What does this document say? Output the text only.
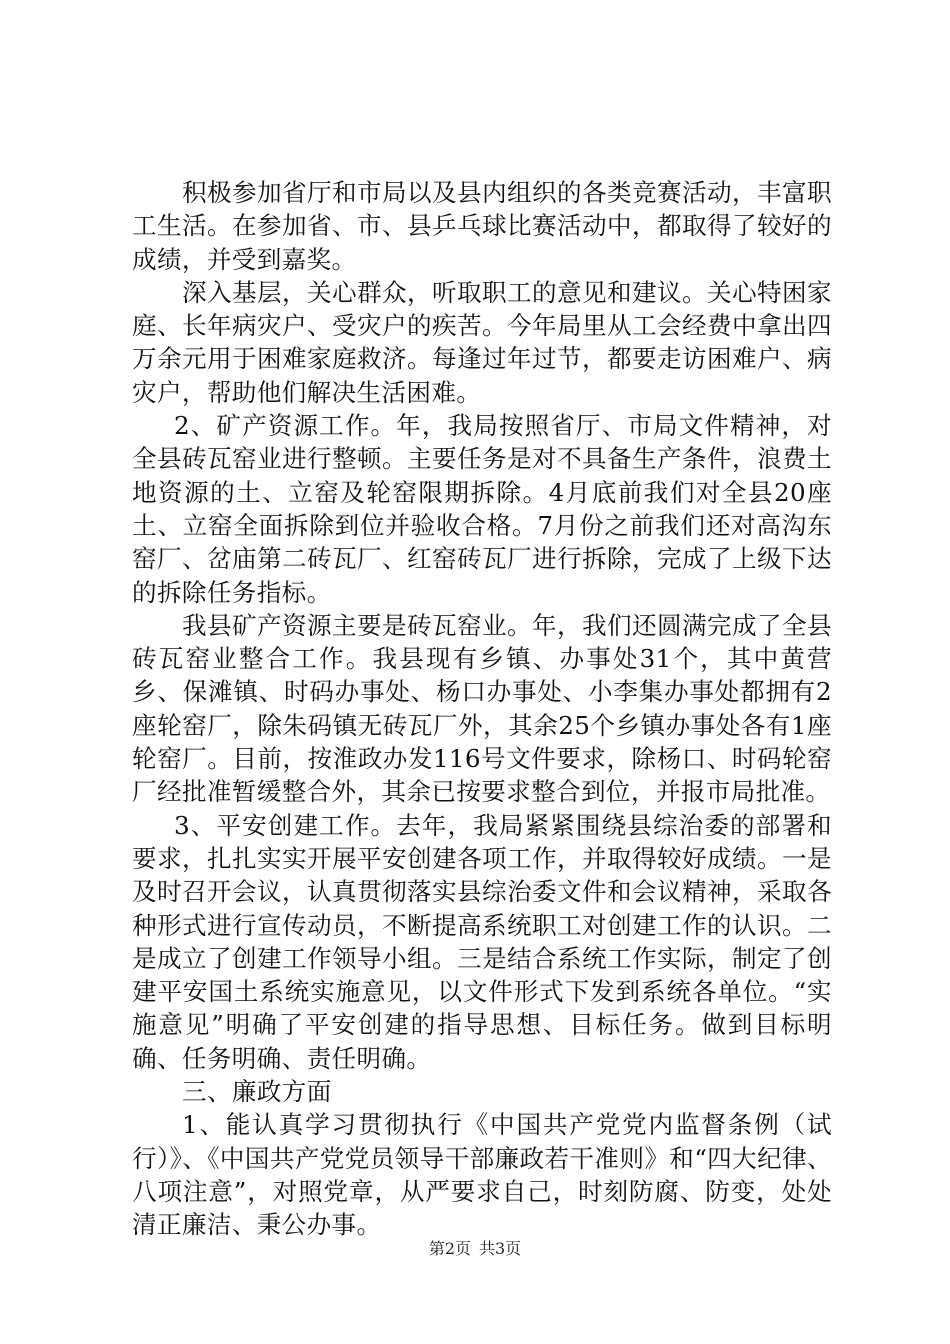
积极参加省厅和市局以及县内组织的各类竞赛活动，丰富职工生活。在参加省、市、县乒乓球比赛活动中，都取得了较好的成绩，并受到嘉奖。

深入基层，关心群众，听取职工的意见和建议。关心特困家庭、长年病灾户、受灾户的疾苦。今年局里从工会经费中拿出四万余元用于困难家庭救济。每逢过年过节，都要走访困难户、病灾户，帮助他们解决生活困难。

2、矿产资源工作。年，我局按照省厅、市局文件精神，对全县砖瓦窑业进行整顿。主要任务是对不具备生产条件，浪费土地资源的土、立窑及轮窑限期拆除。4月底前我们对全县20座土、立窑全面拆除到位并验收合格。7月份之前我们还对高沟东窑厂、岔庙第二砖瓦厂、红窑砖瓦厂进行拆除，完成了上级下达的拆除任务指标。

我县矿产资源主要是砖瓦窑业。年，我们还圆满完成了全县砖瓦窑业整合工作。我县现有乡镇、办事处31个，其中黄营乡、保滩镇、时码办事处、杨口办事处、小李集办事处都拥有2座轮窑厂，除朱码镇无砖瓦厂外，其余25个乡镇办事处各有1座轮窑厂。目前，按淮政办发116号文件要求，除杨口、时码轮窑厂经批准暂缓整合外，其余已按要求整合到位，并报市局批准。

3、平安创建工作。去年，我局紧紧围绕县综治委的部署和要求，扎扎实实开展平安创建各项工作，并取得较好成绩。一是及时召开会议，认真贯彻落实县综治委文件和会议精神，采取各种形式进行宣传动员，不断提高系统职工对创建工作的认识。二是成立了创建工作领导小组。三是结合系统工作实际，制定了创建平安国土系统实施意见，以文件形式下发到系统各单位。“实施意见”明确了平安创建的指导思想、目标任务。做到目标明确、任务明确、责任明确。

三、廉政方面

1、能认真学习贯彻执行《中国共产党党内监督条例（试行）》、《中国共产党党员领导干部廉政若干准则》和“四大纪律、八项注意”，对照党章，从严要求自己，时刻防腐、防变，处处清正廉洁、秉公办事。

第2页 共3页
